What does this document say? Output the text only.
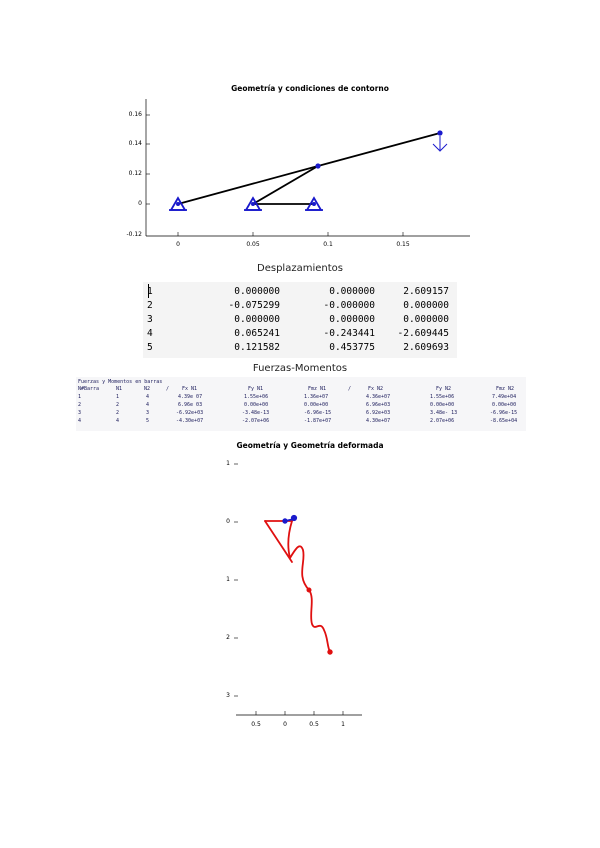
Geometría y condiciones de contorno
0.16
0.14
0.12
0
-0.12
0	0.05	0.1	0.15
Desplazamientos
1	0.000000	0.000000	2.609157
2	-0.075299	-0.000000	0.000000
3	0.000000	0.000000	0.000000
4	0.065241	-0.243441	-2.609445
5	0.121582	0.453775	2.609693
Fuerzas-Momentos
Fuerzas y Momentos en barras
N#Barra	N1	N2	/	Fx N1	Fy N1	Fmz N1	/	Fx N2	Fy N2	Fmz N2
1	1	4	4.39e 07	1.55e+06	1.36e+07	4.36e+07	1.55e+06	7.49e+04
2	2	4	6.96e 03	0.00e+00	0.00e+00	6.96e+03	0.00e+00	0.00e+00
3	2	3	-6.92e+03	-3.48e-13	-6.96e-15	6.92e+03	3.48e- 13	-6.96e-15
4	4	5	-4.30e+07	-2.07e+06	-1.87e+07	4.30e+07	2.07e+06	-8.65e+04
Geometría y Geometría deformada
1
0
1
2
3
0.5	0	0.5	1
